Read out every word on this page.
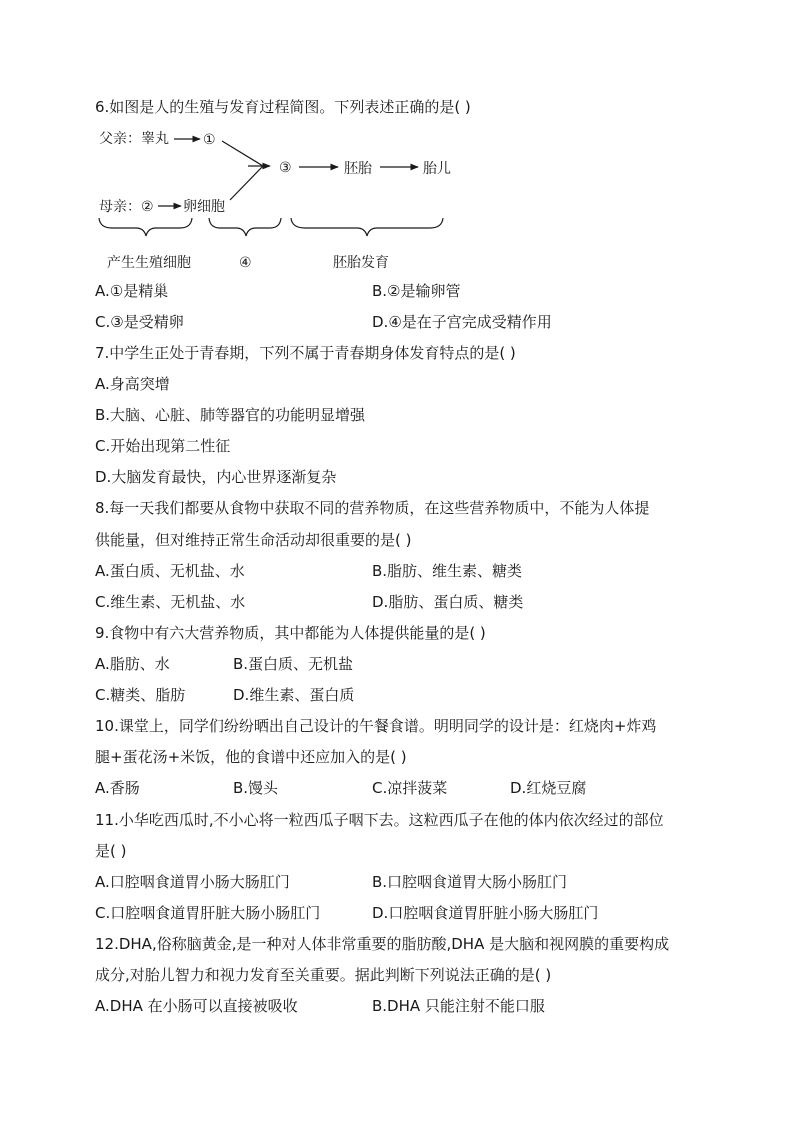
6.如图是人的生殖与发育过程简图。下列表述正确的是( )
父亲：睾丸 ①
③	胚胎	胎儿
母亲： ② 卵细胞
产生生殖细胞	④	胚胎发育
A.①是精巢	B.②是输卵管
C.③是受精卵	D.④是在子宫完成受精作用
7.中学生正处于青春期，下列不属于青春期身体发育特点的是( )
A.身高突增
B.大脑、心脏、肺等器官的功能明显增强
C.开始出现第二性征
D.大脑发育最快，内心世界逐渐复杂
8.每一天我们都要从食物中获取不同的营养物质，在这些营养物质中，不能为人体提
供能量，但对维持正常生命活动却很重要的是( )
A.蛋白质、无机盐、水	B.脂肪、维生素、糖类
C.维生素、无机盐、水	D.脂肪、蛋白质、糖类
9.食物中有六大营养物质，其中都能为人体提供能量的是( )
A.脂肪、水	B.蛋白质、无机盐
C.糖类、脂肪	D.维生素、蛋白质
10.课堂上，同学们纷纷晒出自己设计的午餐食谱。明明同学的设计是：红烧肉+炸鸡
腿+蛋花汤+米饭，他的食谱中还应加入的是( )
A.香肠	B.馒头	C.凉拌菠菜	D.红烧豆腐
11.小华吃西瓜时,不小心将一粒西瓜子咽下去。这粒西瓜子在他的体内依次经过的部位
是( )
A.口腔咽食道胃小肠大肠肛门	B.口腔咽食道胃大肠小肠肛门
C.口腔咽食道胃肝脏大肠小肠肛门	D.口腔咽食道胃肝脏小肠大肠肛门
12.DHA,俗称脑黄金,是一种对人体非常重要的脂肪酸,DHA 是大脑和视网膜的重要构成
成分,对胎儿智力和视力发育至关重要。据此判断下列说法正确的是( )
A.DHA 在小肠可以直接被吸收	B.DHA 只能注射不能口服
